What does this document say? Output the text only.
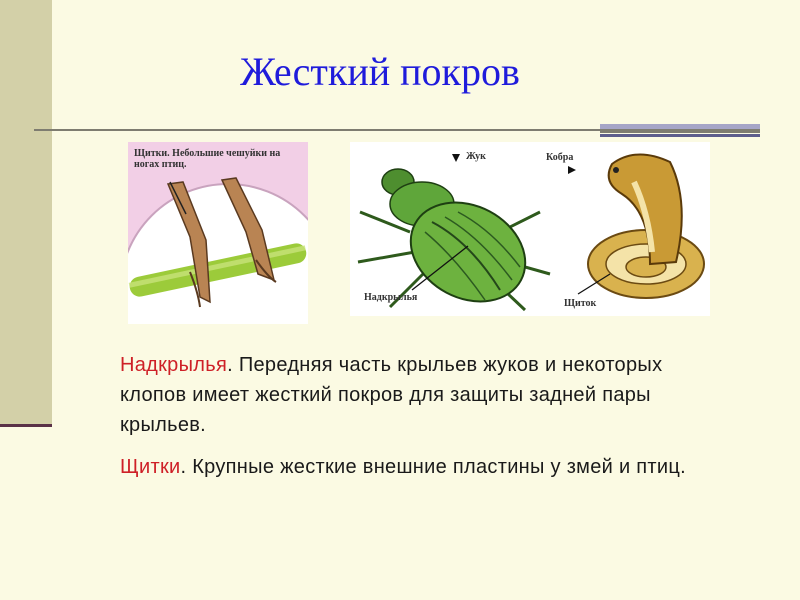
Жесткий покров
Щитки. Небольшие чешуйки на ногах птиц.
Жук	Кобра
Надкрылья
Щиток
Надкрылья. Передняя часть крыльев жуков и некоторых клопов имеет жесткий покров для защиты задней пары крыльев.
Щитки. Крупные жесткие внешние пластины у змей и птиц.
